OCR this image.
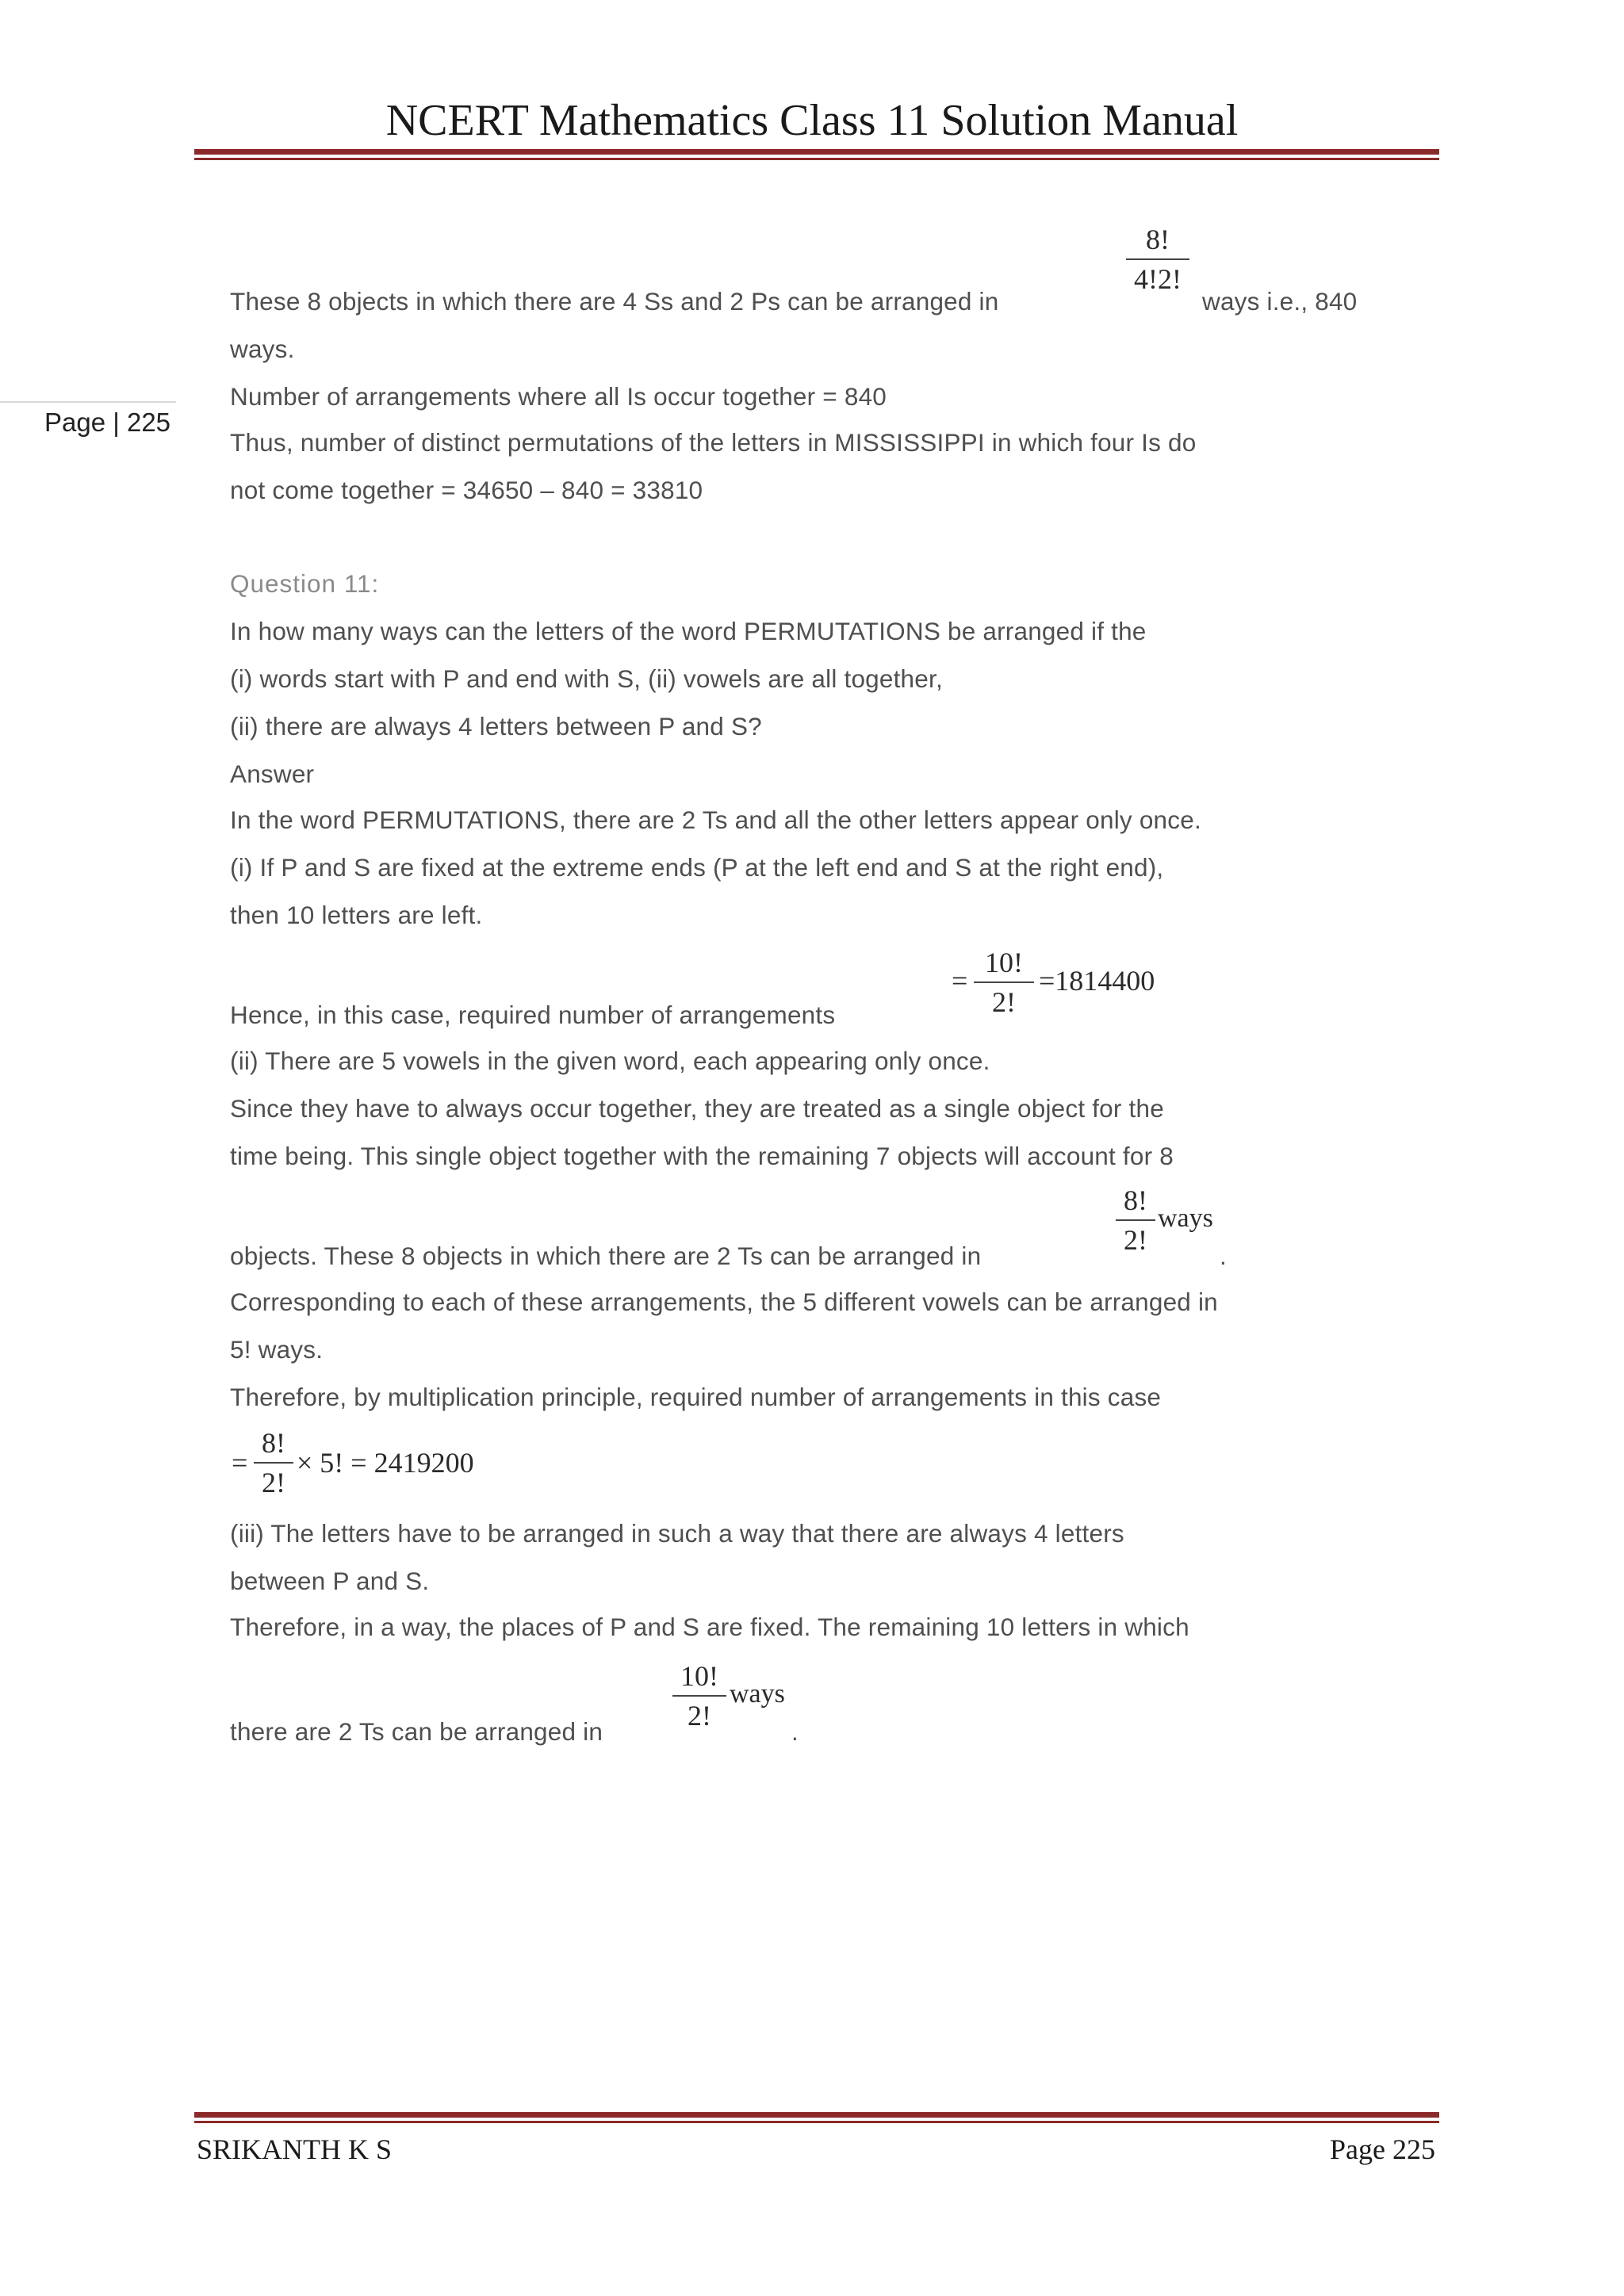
NCERT Mathematics Class 11 Solution Manual
Page | 225
These 8 objects in which there are 4 Ss and 2 Ps can be arranged in
8!
4!2!
ways i.e., 840
ways.
Number of arrangements where all Is occur together = 840
Thus, number of distinct permutations of the letters in MISSISSIPPI in which four Is do
not come together = 34650 – 840 = 33810
Question 11:
In how many ways can the letters of the word PERMUTATIONS be arranged if the
(i) words start with P and end with S, (ii) vowels are all together,
(ii) there are always 4 letters between P and S?
Answer
In the word PERMUTATIONS, there are 2 Ts and all the other letters appear only once.
(i) If P and S are fixed at the extreme ends (P at the left end and S at the right end),
then 10 letters are left.
Hence, in this case, required number of arrangements
=
10!
2!
=1814400
(ii) There are 5 vowels in the given word, each appearing only once.
Since they have to always occur together, they are treated as a single object for the
time being. This single object together with the remaining 7 objects will account for 8
objects. These 8 objects in which there are 2 Ts can be arranged in
8!
2!
ways
.
Corresponding to each of these arrangements, the 5 different vowels can be arranged in
5! ways.
Therefore, by multiplication principle, required number of arrangements in this case
=
8!
2!
× 5! = 2419200
(iii) The letters have to be arranged in such a way that there are always 4 letters
between P and S.
Therefore, in a way, the places of P and S are fixed. The remaining 10 letters in which
there are 2 Ts can be arranged in
10!
2!
ways
.
SRIKANTH K S	Page 225
